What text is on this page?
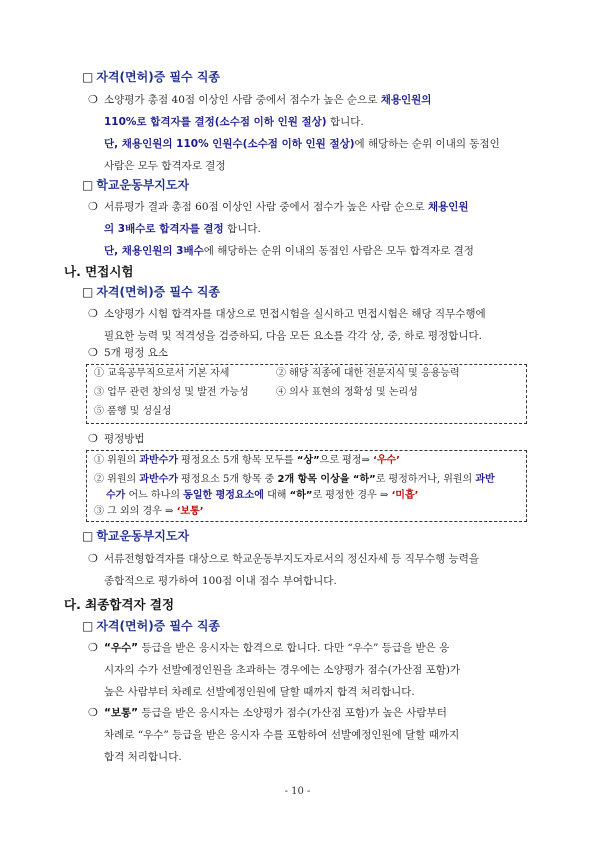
□ 자격(면허)증 필수 직종
❍ 소양평가 총점 40점 이상인 사람 중에서 점수가 높은 순으로 채용인원의
110%로 합격자를 결정(소수점 이하 인원 절상) 합니다.
단, 채용인원의 110% 인원수(소수점 이하 인원 절상)에 해당하는 순위 이내의 동점인
사람은 모두 합격자로 결정
□ 학교운동부지도자
❍ 서류평가 결과 총점 60점 이상인 사람 중에서 점수가 높은 사람 순으로 채용인원
의 3배수로 합격자를 결정 합니다.
단, 채용인원의 3배수에 해당하는 순위 이내의 동점인 사람은 모두 합격자로 결정
나. 면접시험
□ 자격(면허)증 필수 직종
❍ 소양평가 시험 합격자를 대상으로 면접시험을 실시하고 면접시험은 해당 직무수행에
필요한 능력 및 적격성을 검증하되, 다음 모든 요소를 각각 상, 중, 하로 평정합니다.
❍ 5개 평정 요소
① 교육공무직으로서 기본 자세	② 해당 직종에 대한 전문지식 및 응용능력
③ 업무 관련 창의성 및 발전 가능성	④ 의사 표현의 정확성 및 논리성
⑤ 품행 및 성실성
❍ 평정방법
① 위원의 과반수가 평정요소 5개 항목 모두를 “상”으로 평정⇒ ‘우수’
② 위원의 과반수가 평정요소 5개 항목 중 2개 항목 이상을 “하”로 평정하거나, 위원의 과반
수가 어느 하나의 동일한 평정요소에 대해 “하”로 평정한 경우 ⇒ ‘미흡’
③ 그 외의 경우 ⇒ ‘보통’
□ 학교운동부지도자
❍ 서류전형합격자를 대상으로 학교운동부지도자로서의 정신자세 등 직무수행 능력을
종합적으로 평가하여 100점 이내 점수 부여합니다.
다. 최종합격자 결정
□ 자격(면허)증 필수 직종
❍ “우수” 등급을 받은 응시자는 합격으로 합니다. 다만 “우수” 등급을 받은 응
시자의 수가 선발예정인원을 초과하는 경우에는 소양평가 점수(가산점 포함)가
높은 사람부터 차례로 선발예정인원에 달할 때까지 합격 처리합니다.
❍ “보통” 등급을 받은 응시자는 소양평가 점수(가산점 포함)가 높은 사람부터
차례로 “우수” 등급을 받은 응시자 수를 포함하여 선발예정인원에 달할 때까지
합격 처리합니다.
- 10 -
